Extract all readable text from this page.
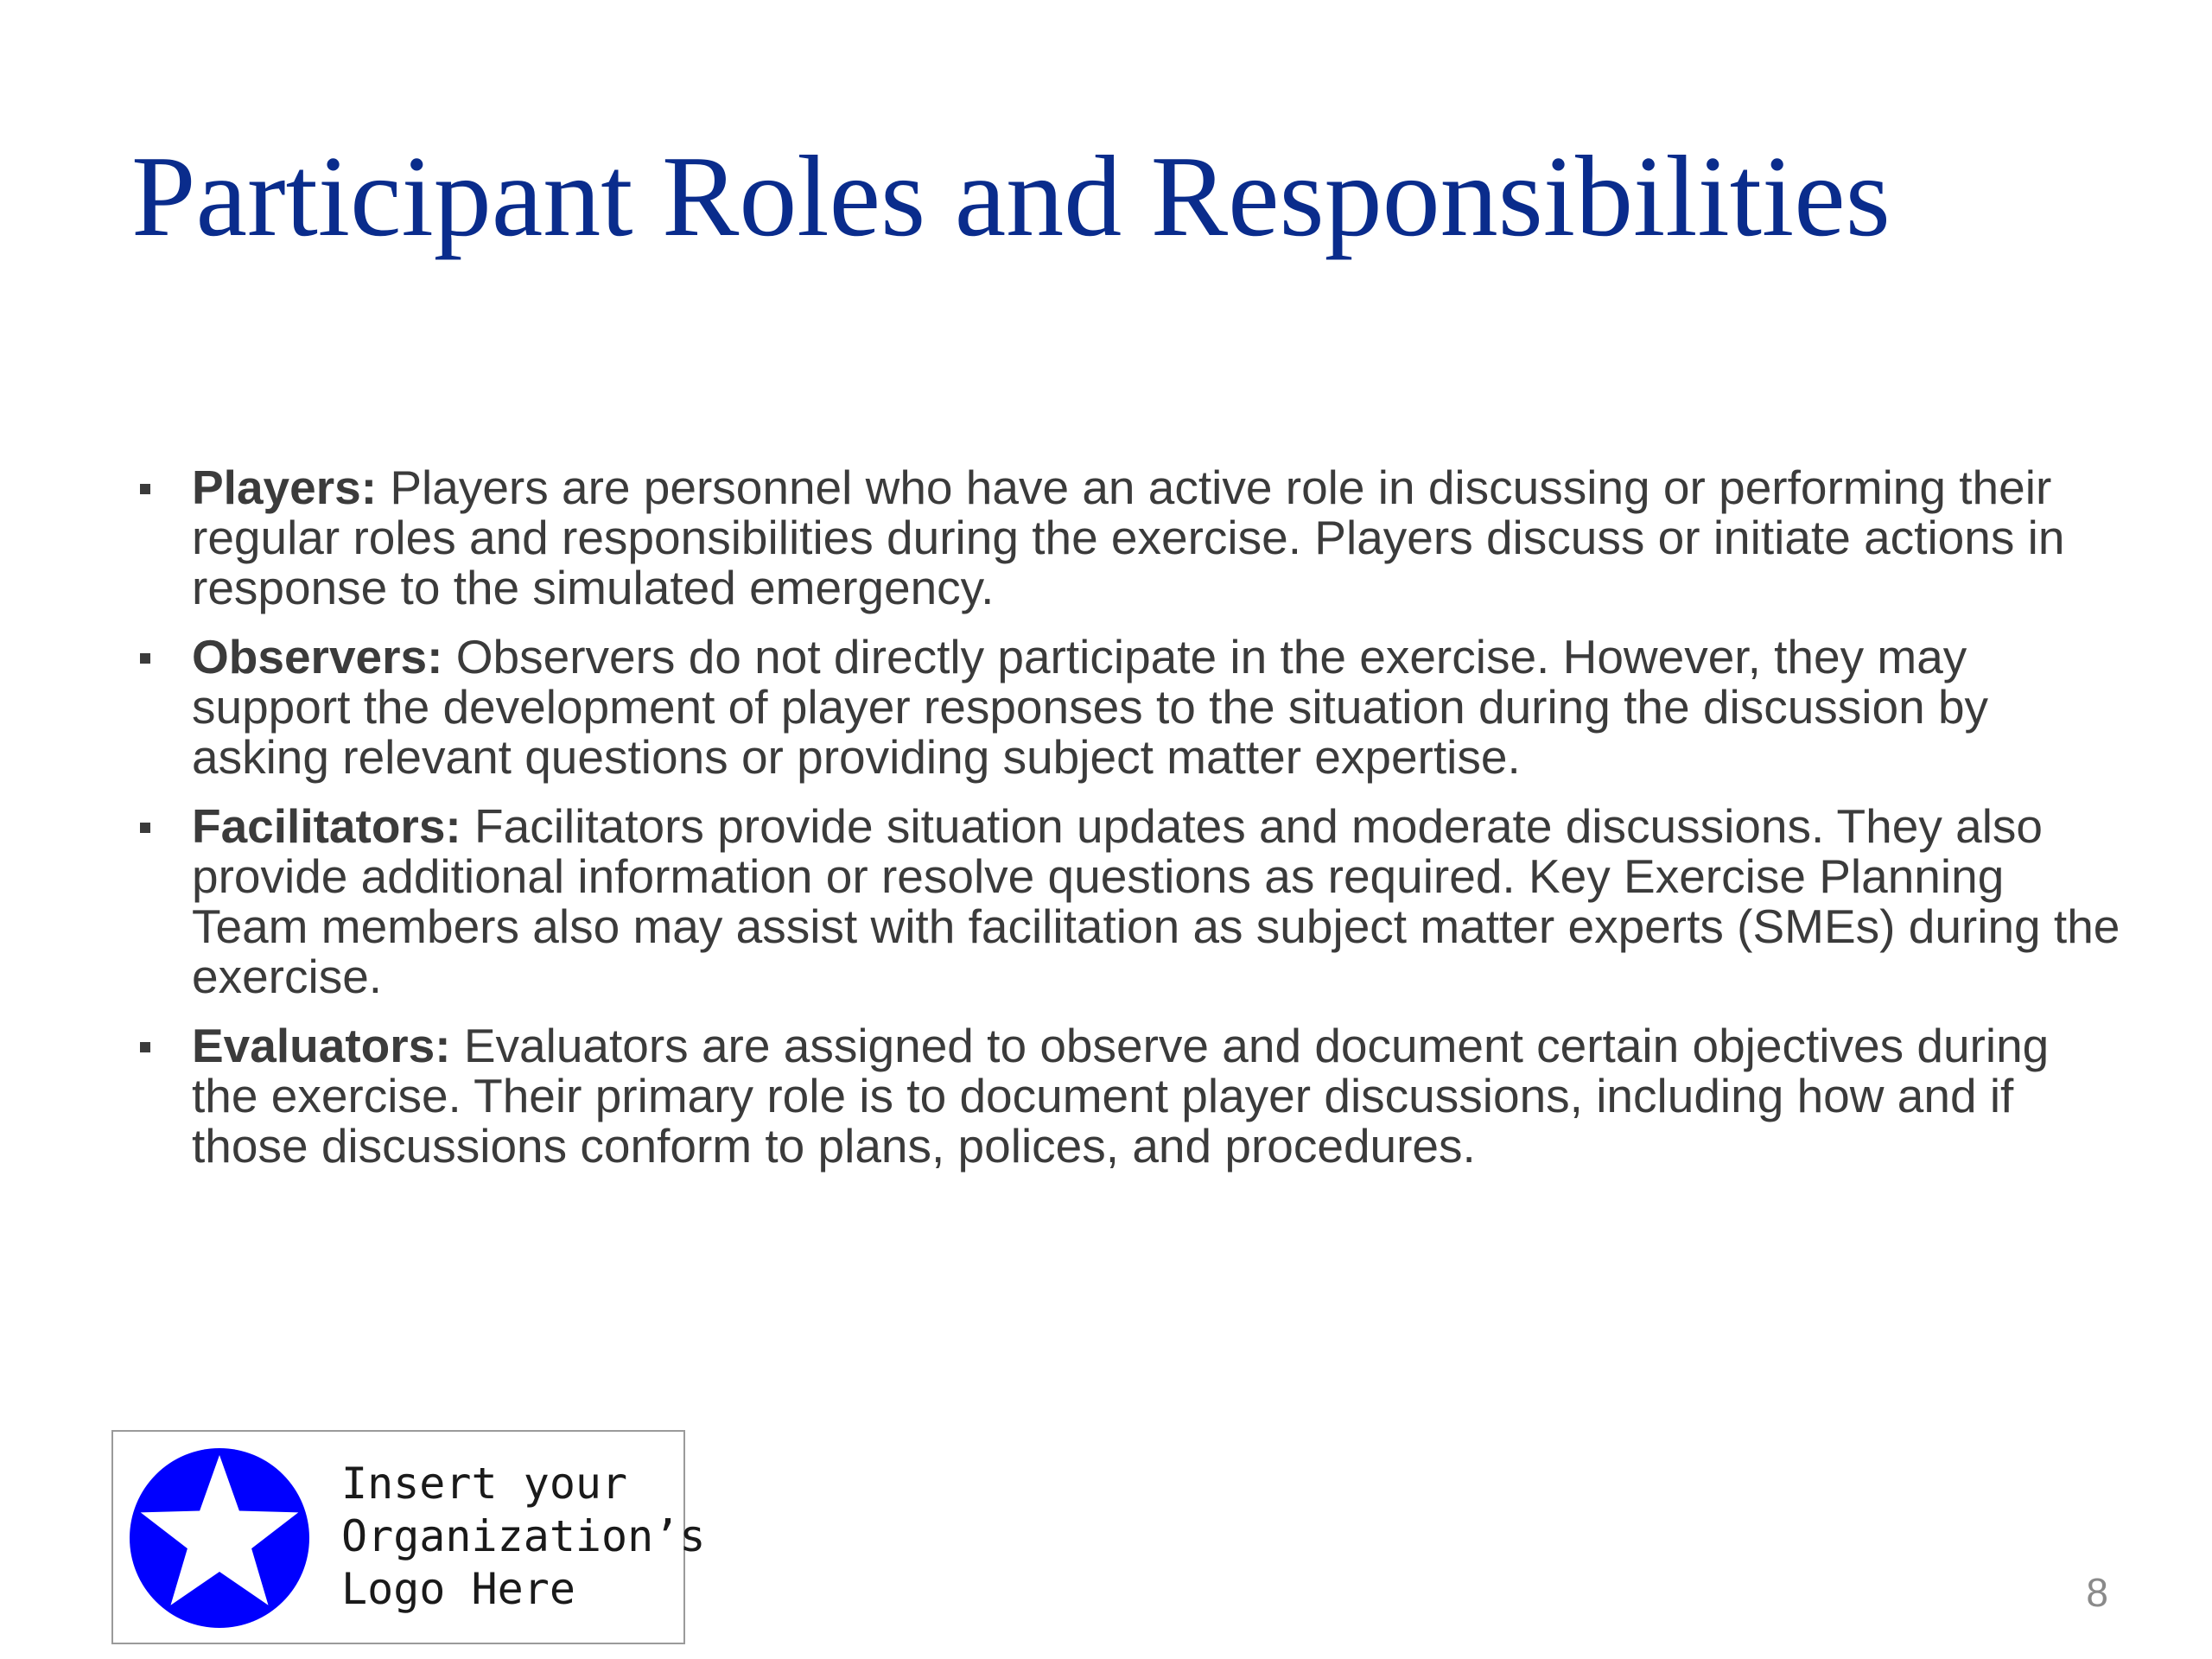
Participant Roles and Responsibilities
Players: Players are personnel who have an active role in discussing or performing their regular roles and responsibilities during the exercise. Players discuss or initiate actions in response to the simulated emergency.
Observers: Observers do not directly participate in the exercise. However, they may support the development of player responses to the situation during the discussion by asking relevant questions or providing subject matter expertise.
Facilitators: Facilitators provide situation updates and moderate discussions. They also provide additional information or resolve questions as required. Key Exercise Planning Team members also may assist with facilitation as subject matter experts (SMEs) during the exercise.
Evaluators: Evaluators are assigned to observe and document certain objectives during the exercise. Their primary role is to document player discussions, including how and if those discussions conform to plans, polices, and procedures.
Insert your
Organization’s
Logo Here	8
